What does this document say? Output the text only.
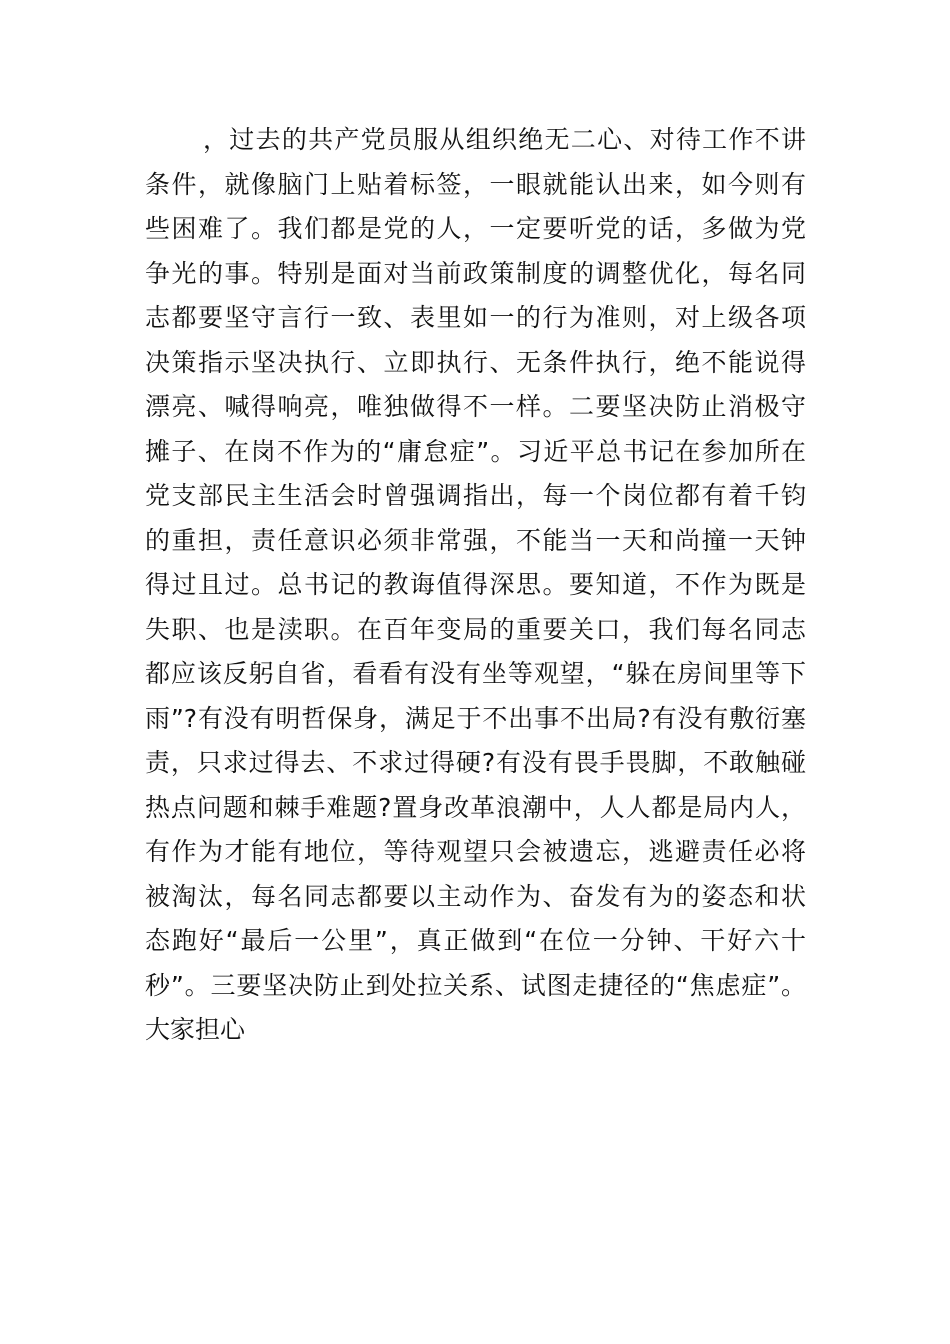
，过去的共产党员服从组织绝无二心、对待工作不讲
条件，就像脑门上贴着标签，一眼就能认出来，如今则有
些困难了。我们都是党的人，一定要听党的话，多做为党
争光的事。特别是面对当前政策制度的调整优化，每名同
志都要坚守言行一致、表里如一的行为准则，对上级各项
决策指示坚决执行、立即执行、无条件执行，绝不能说得
漂亮、喊得响亮，唯独做得不一样。二要坚决防止消极守
摊子、在岗不作为的“庸怠症”。习近平总书记在参加所在
党支部民主生活会时曾强调指出，每一个岗位都有着千钧
的重担，责任意识必须非常强，不能当一天和尚撞一天钟
得过且过。总书记的教诲值得深思。要知道，不作为既是
失职、也是渎职。在百年变局的重要关口，我们每名同志
都应该反躬自省，看看有没有坐等观望，“躲在房间里等下
雨”?有没有明哲保身，满足于不出事不出局?有没有敷衍塞
责，只求过得去、不求过得硬?有没有畏手畏脚，不敢触碰
热点问题和棘手难题?置身改革浪潮中，人人都是局内人，
有作为才能有地位，等待观望只会被遗忘，逃避责任必将
被淘汰，每名同志都要以主动作为、奋发有为的姿态和状
态跑好“最后一公里”，真正做到“在位一分钟、干好六十
秒”。三要坚决防止到处拉关系、试图走捷径的“焦虑症”。
大家担心
